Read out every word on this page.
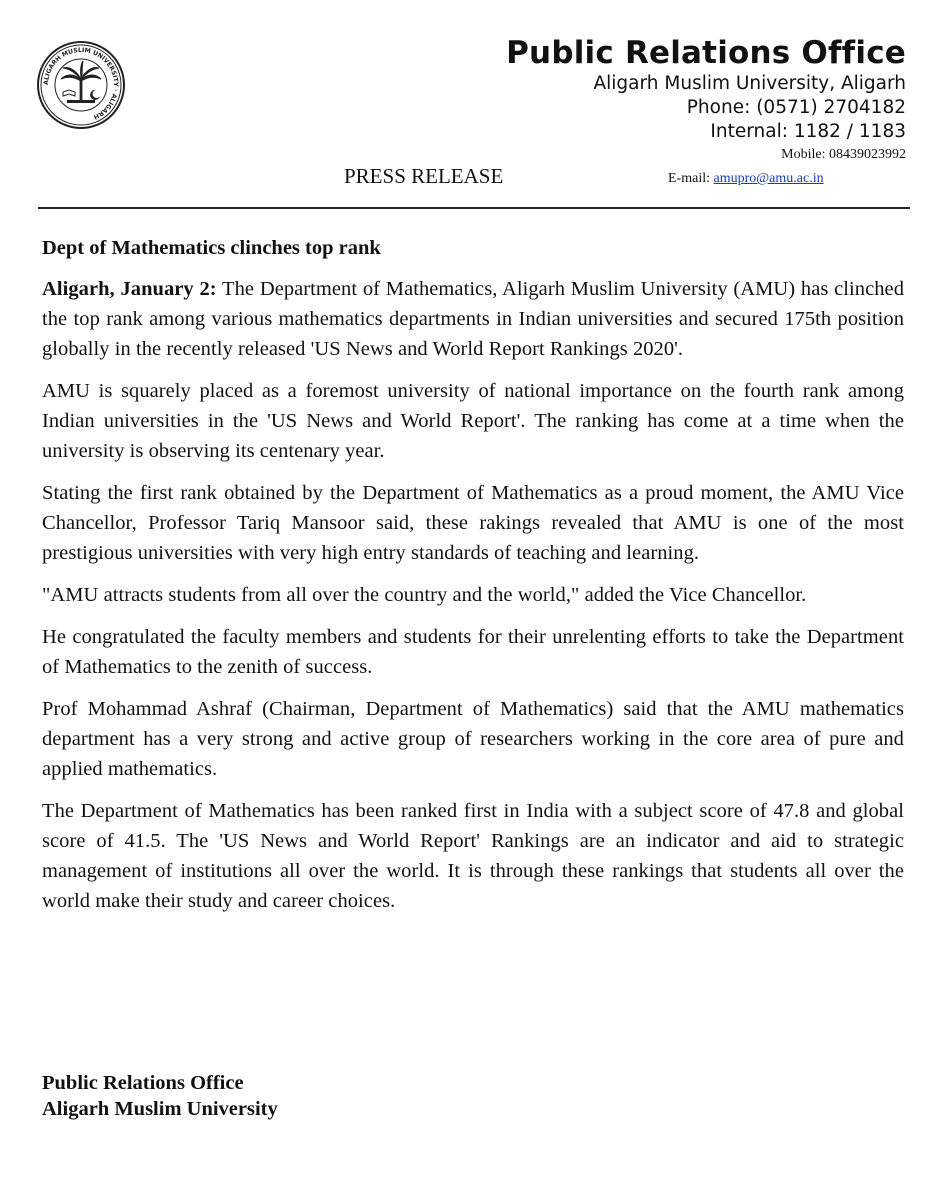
ALIGARH MUSLIM UNIVERSITY · ALIGARH
Public Relations Office
Aligarh Muslim University, Aligarh
Phone: (0571) 2704182
Internal: 1182 / 1183
Mobile: 08439023992
PRESS RELEASE	E-mail: amupro@amu.ac.in

Dept of Mathematics clinches top rank

Aligarh, January 2: The Department of Mathematics, Aligarh Muslim University (AMU) has clinched the top rank among various mathematics departments in Indian universities and secured 175th position globally in the recently released 'US News and World Report Rankings 2020'.

AMU is squarely placed as a foremost university of national importance on the fourth rank among Indian universities in the 'US News and World Report'. The ranking has come at a time when the university is observing its centenary year.

Stating the first rank obtained by the Department of Mathematics as a proud moment, the AMU Vice Chancellor, Professor Tariq Mansoor said, these rakings revealed that AMU is one of the most prestigious universities with very high entry standards of teaching and learning.

"AMU attracts students from all over the country and the world," added the Vice Chancellor.

He congratulated the faculty members and students for their unrelenting efforts to take the Department of Mathematics to the zenith of success.

Prof Mohammad Ashraf (Chairman, Department of Mathematics) said that the AMU mathematics department has a very strong and active group of researchers working in the core area of pure and applied mathematics.

The Department of Mathematics has been ranked first in India with a subject score of 47.8 and global score of 41.5. The 'US News and World Report' Rankings are an indicator and aid to strategic management of institutions all over the world. It is through these rankings that students all over the world make their study and career choices.

Public Relations Office
Aligarh Muslim University
